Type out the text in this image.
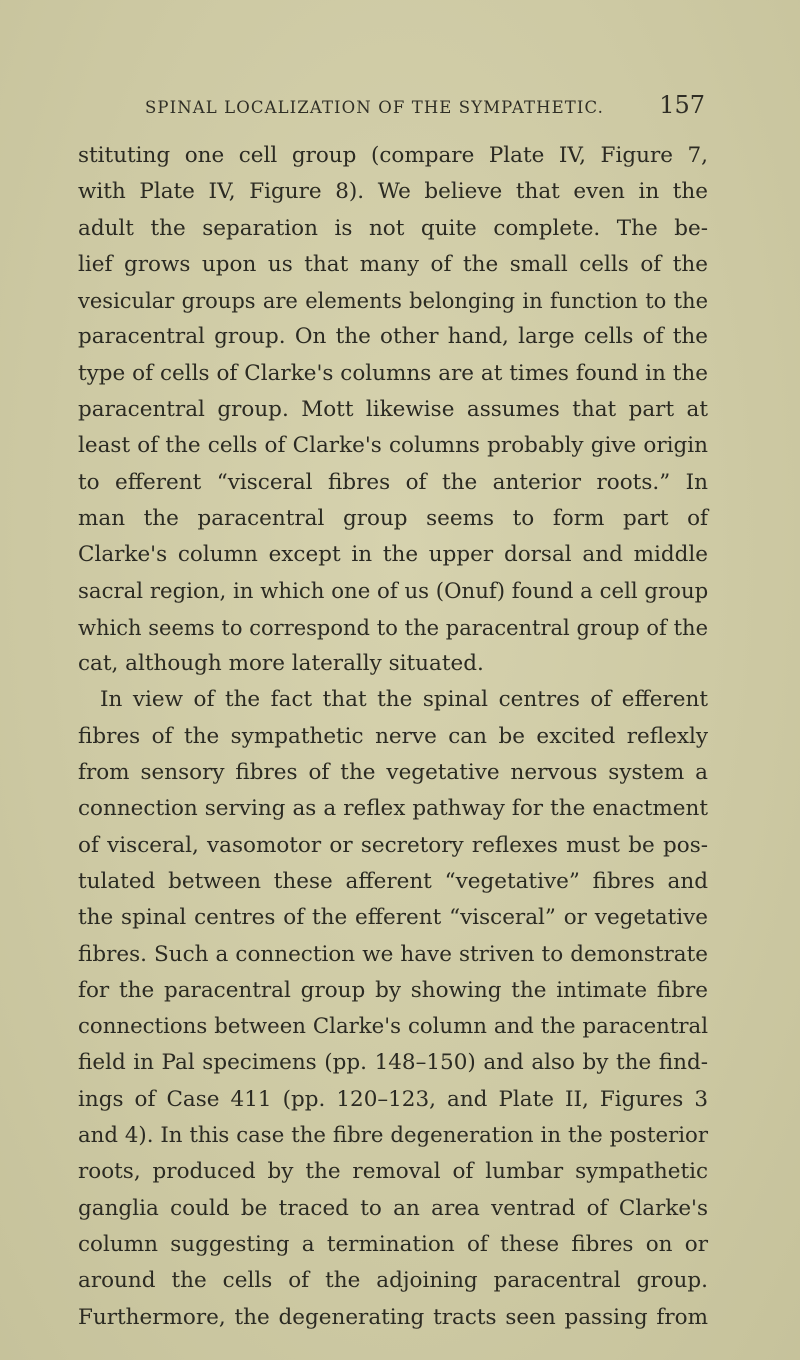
SPINAL LOCALIZATION OF THE SYMPATHETIC. 157
stituting one cell group (compare Plate IV, Figure 7,
with Plate IV, Figure 8). We believe that even in the
adult the separation is not quite complete. The be-
lief grows upon us that many of the small cells of the
vesicular groups are elements belonging in function to the
paracentral group. On the other hand, large cells of the
type of cells of Clarke's columns are at times found in the
paracentral group. Mott likewise assumes that part at
least of the cells of Clarke's columns probably give origin
to efferent “visceral fibres of the anterior roots.” In
man the paracentral group seems to form part of
Clarke's column except in the upper dorsal and middle
sacral region, in which one of us (Onuf) found a cell group
which seems to correspond to the paracentral group of the
cat, although more laterally situated.
In view of the fact that the spinal centres of efferent
fibres of the sympathetic nerve can be excited reflexly
from sensory fibres of the vegetative nervous system a
connection serving as a reflex pathway for the enactment
of visceral, vasomotor or secretory reflexes must be pos-
tulated between these afferent “vegetative” fibres and
the spinal centres of the efferent “visceral” or vegetative
fibres. Such a connection we have striven to demonstrate
for the paracentral group by showing the intimate fibre
connections between Clarke's column and the paracentral
field in Pal specimens (pp. 148–150) and also by the find-
ings of Case 411 (pp. 120–123, and Plate II, Figures 3
and 4). In this case the fibre degeneration in the posterior
roots, produced by the removal of lumbar sympathetic
ganglia could be traced to an area ventrad of Clarke's
column suggesting a termination of these fibres on or
around the cells of the adjoining paracentral group.
Furthermore, the degenerating tracts seen passing from
